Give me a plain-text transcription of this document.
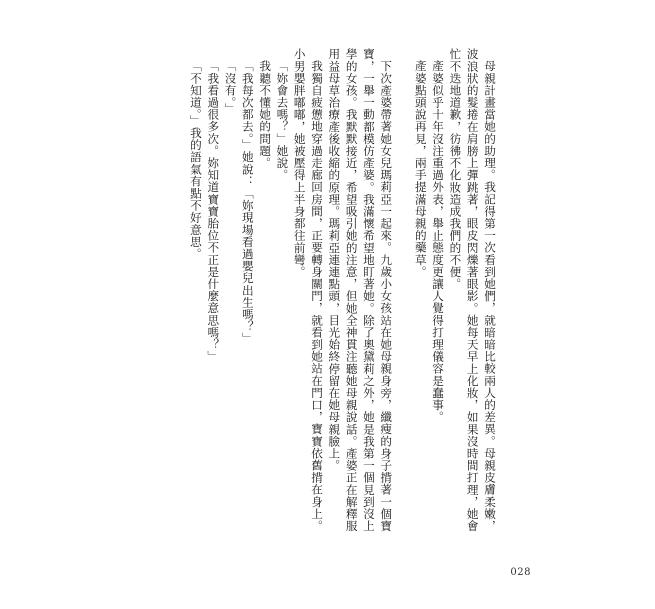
母親計畫當她的助理。我記得第一次看到她們，就暗暗比較兩人的差異。母親皮膚柔嫩，波浪狀的髮捲在肩膀上彈跳著，眼皮閃爍著眼影。她每天早上化妝，如果沒時間打理，她會忙不迭地道歉，彷彿不化妝造成我們的不便。

產婆似乎十年沒注重過外表，舉止態度更讓人覺得打理儀容是蠢事。

產婆點頭說再見，兩手提滿母親的藥草。

下次產婆帶著她女兒瑪莉亞一起來。九歲小女孩站在她母親身旁，纖瘦的身子揹著一個寶寶，一舉一動都模仿產婆。我滿懷希望地盯著她。除了奧黛莉之外，她是我第一個見到沒上學的女孩。我默默接近，希望吸引她的注意，但她全神貫注聽她母親說話。產婆正在解釋服用益母草治療產後收縮的原理。瑪莉亞連連點頭，目光始終停留在她母親臉上。

我獨自疲憊地穿過走廊回房間，正要轉身關門，就看到她站在門口，寶寶依舊揹在身上。小男嬰胖嘟嘟，她被壓得上半身都往前彎。

「妳會去嗎？」她說。

我聽不懂她的問題。

「我每次都去。」她說：「妳現場看過嬰兒出生嗎？」

「沒有。」

「我看過很多次。妳知道寶寶胎位不正是什麼意思嗎？」

「不知道。」我的語氣有點不好意思。

028
